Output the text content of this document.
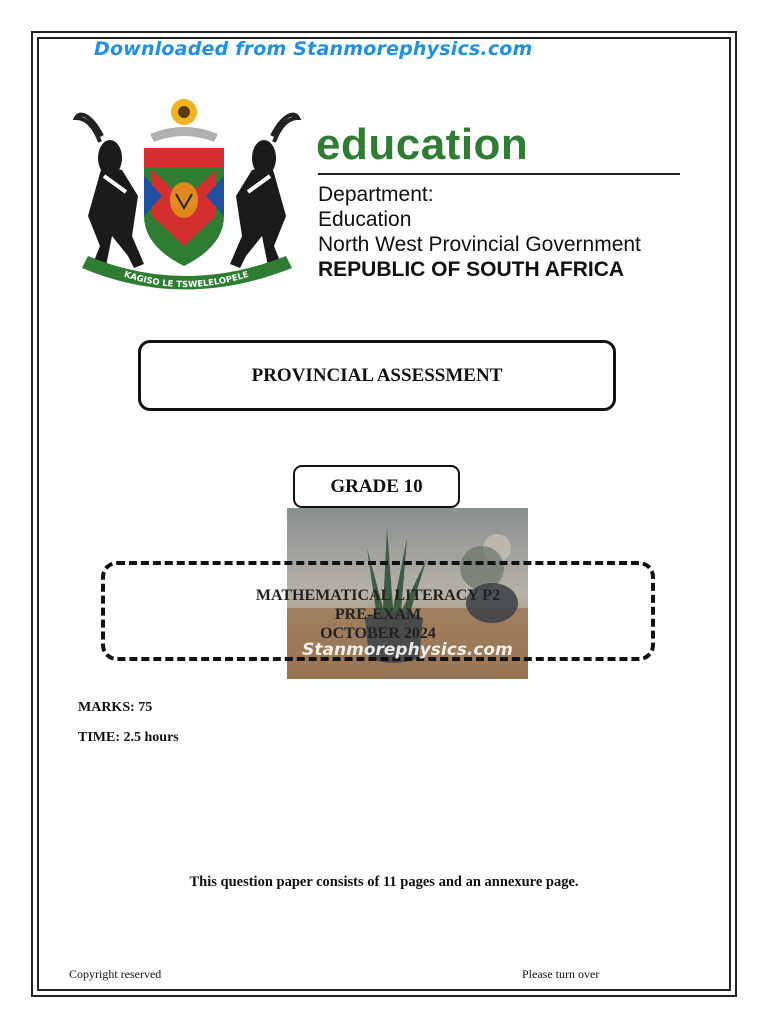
Downloaded from Stanmorephysics.com
KAGISO LE TSWELELOPELE
education
Department:
Education
North West Provincial Government
REPUBLIC OF SOUTH AFRICA
PROVINCIAL ASSESSMENT
GRADE 10
MATHEMATICAL LITERACY P2
PRE-EXAM
OCTOBER 2024
Stanmorephysics.com
MARKS: 75
TIME: 2.5 hours
This question paper consists of 11 pages and an annexure page.
Copyright reserved	Please turn over
